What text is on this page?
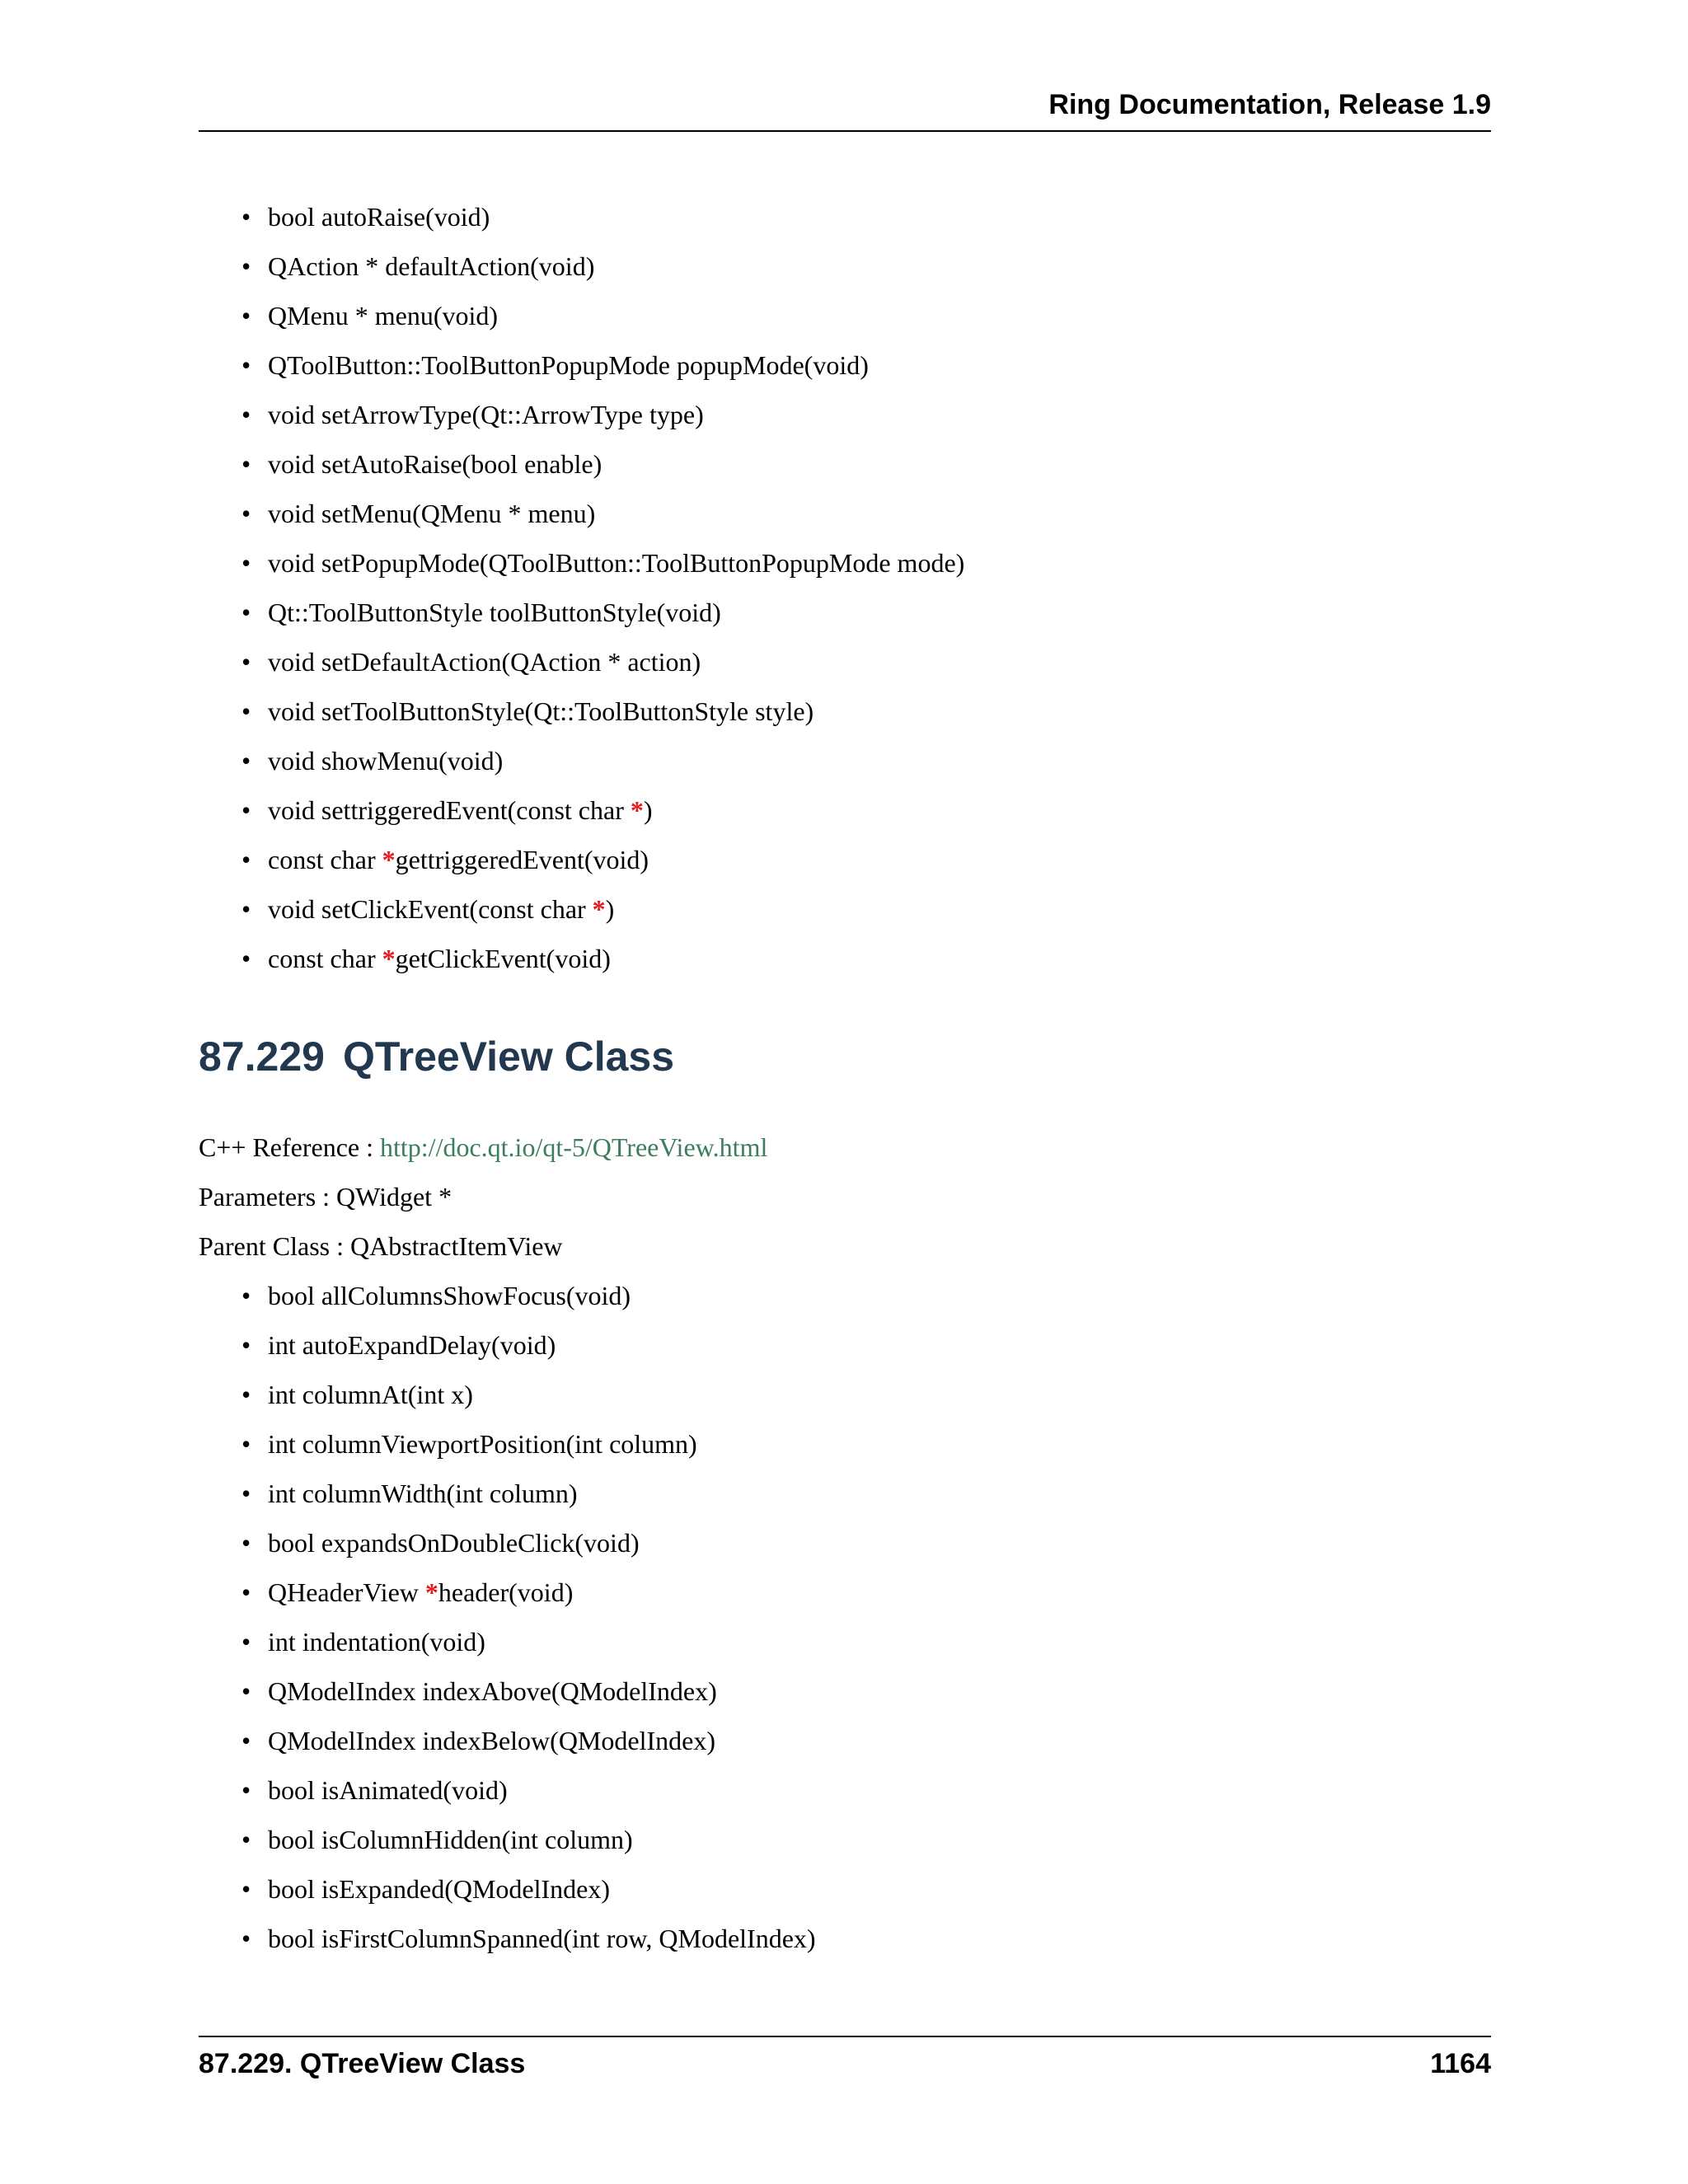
Ring Documentation, Release 1.9
• bool autoRaise(void)
• QAction * defaultAction(void)
• QMenu * menu(void)
• QToolButton::ToolButtonPopupMode popupMode(void)
• void setArrowType(Qt::ArrowType type)
• void setAutoRaise(bool enable)
• void setMenu(QMenu * menu)
• void setPopupMode(QToolButton::ToolButtonPopupMode mode)
• Qt::ToolButtonStyle toolButtonStyle(void)
• void setDefaultAction(QAction * action)
• void setToolButtonStyle(Qt::ToolButtonStyle style)
• void showMenu(void)
• void settriggeredEvent(const char *)
• const char *gettriggeredEvent(void)
• void setClickEvent(const char *)
• const char *getClickEvent(void)
87.229 QTreeView Class
C++ Reference : http://doc.qt.io/qt-5/QTreeView.html
Parameters : QWidget *
Parent Class : QAbstractItemView
• bool allColumnsShowFocus(void)
• int autoExpandDelay(void)
• int columnAt(int x)
• int columnViewportPosition(int column)
• int columnWidth(int column)
• bool expandsOnDoubleClick(void)
• QHeaderView *header(void)
• int indentation(void)
• QModelIndex indexAbove(QModelIndex)
• QModelIndex indexBelow(QModelIndex)
• bool isAnimated(void)
• bool isColumnHidden(int column)
• bool isExpanded(QModelIndex)
• bool isFirstColumnSpanned(int row, QModelIndex)
87.229. QTreeView Class	1164
